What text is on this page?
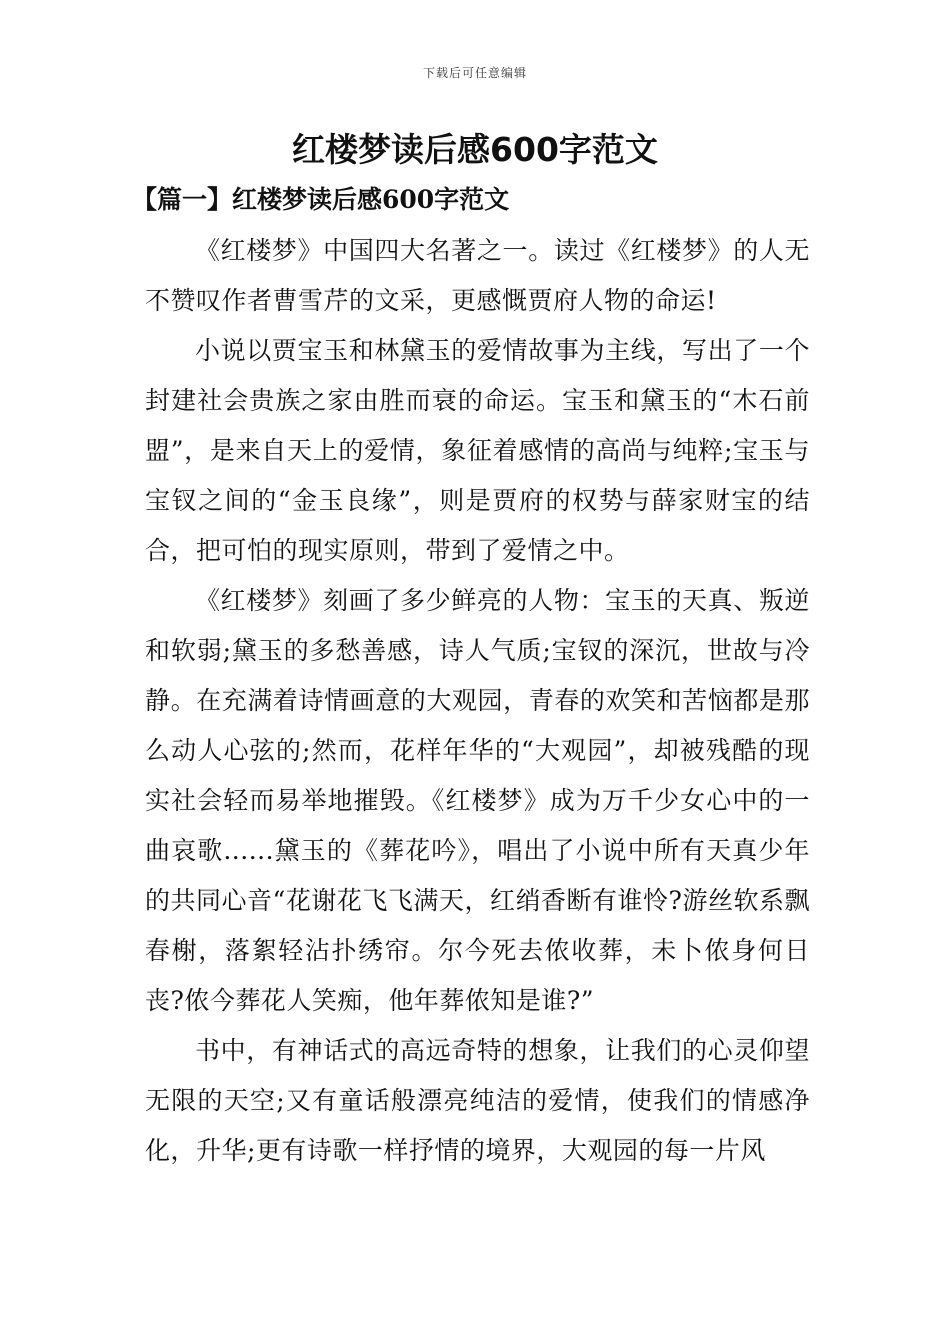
下载后可任意编辑
红楼梦读后感600字范文
【篇一】红楼梦读后感600字范文

《红楼梦》中国四大名著之一。读过《红楼梦》的人无不赞叹作者曹雪芹的文采，更感慨贾府人物的命运!

小说以贾宝玉和林黛玉的爱情故事为主线，写出了一个封建社会贵族之家由胜而衰的命运。宝玉和黛玉的“木石前盟”，是来自天上的爱情，象征着感情的高尚与纯粹;宝玉与宝钗之间的“金玉良缘”，则是贾府的权势与薛家财宝的结合，把可怕的现实原则，带到了爱情之中。

《红楼梦》刻画了多少鲜亮的人物：宝玉的天真、叛逆和软弱;黛玉的多愁善感，诗人气质;宝钗的深沉，世故与冷静。在充满着诗情画意的大观园，青春的欢笑和苦恼都是那么动人心弦的;然而，花样年华的“大观园”，却被残酷的现实社会轻而易举地摧毁。《红楼梦》成为万千少女心中的一曲哀歌......黛玉的《葬花吟》，唱出了小说中所有天真少年的共同心音“花谢花飞飞满天，红绡香断有谁怜?游丝软系飘春榭，落絮轻沾扑绣帘。尔今死去侬收葬，未卜侬身何日丧?侬今葬花人笑痴，他年葬侬知是谁?”

书中，有神话式的高远奇特的想象，让我们的心灵仰望无限的天空;又有童话般漂亮纯洁的爱情，使我们的情感净化，升华;更有诗歌一样抒情的境界，大观园的每一片风
